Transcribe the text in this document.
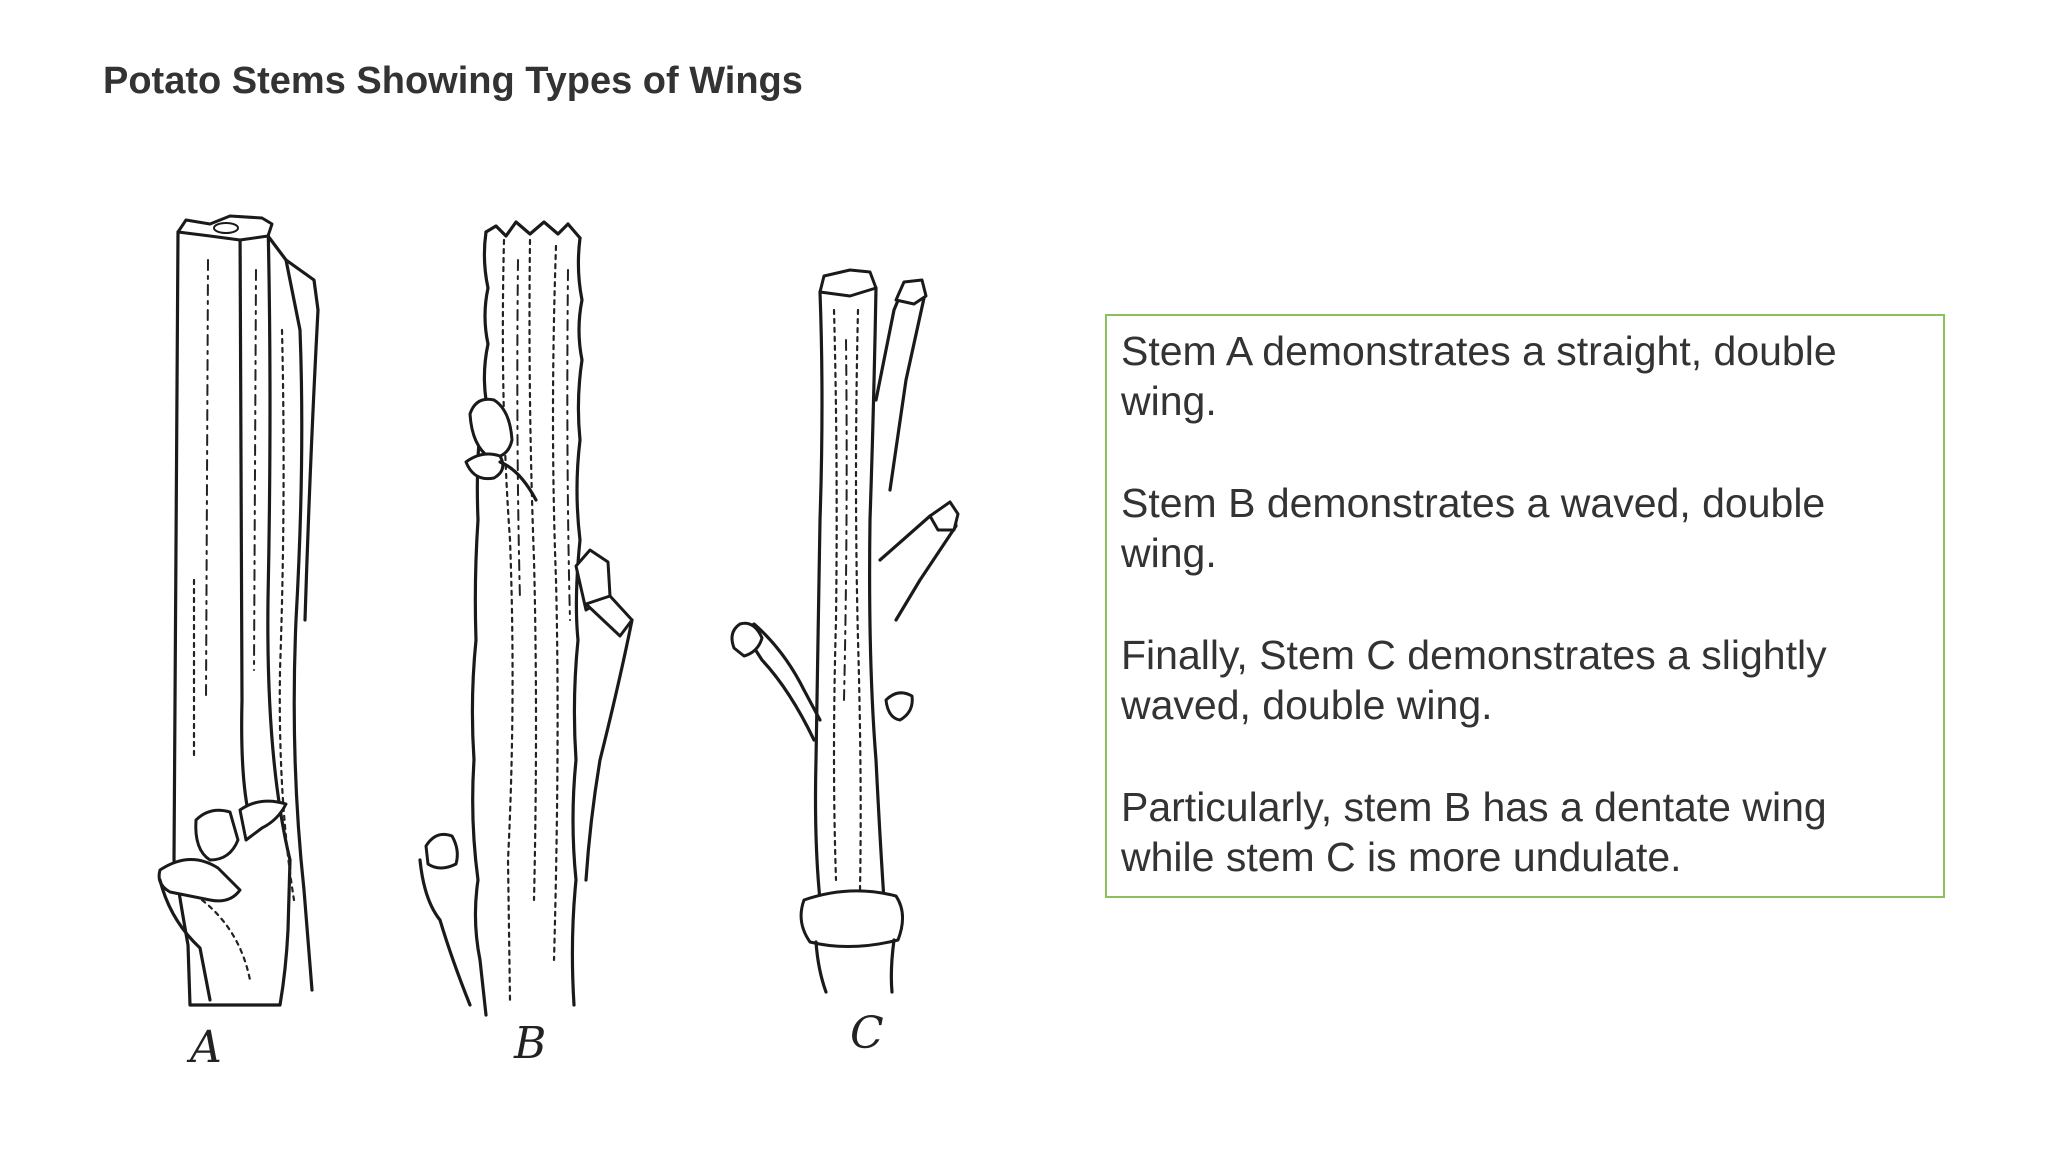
Potato Stems Showing Types of Wings
A	B	C

Stem A demonstrates a straight, double wing.

Stem B demonstrates a waved, double wing.

Finally, Stem C demonstrates a slightly waved, double wing.

Particularly, stem B has a dentate wing while stem C is more undulate.
